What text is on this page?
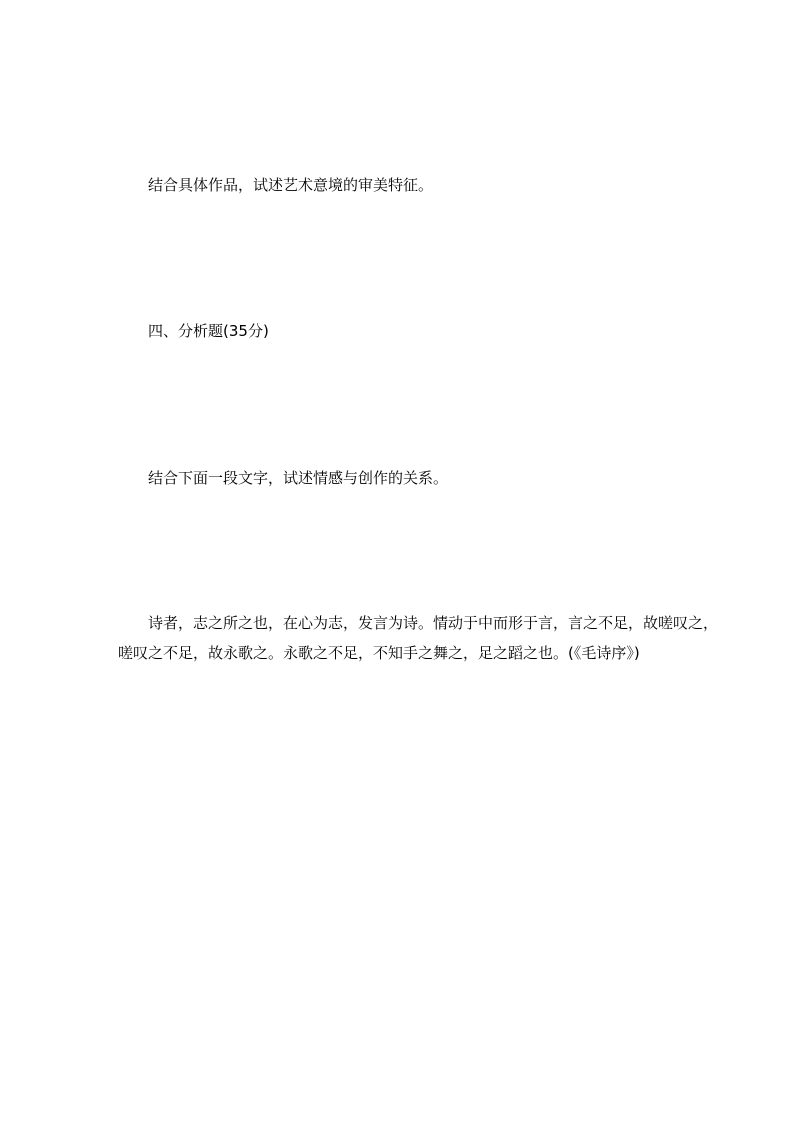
结合具体作品，试述艺术意境的审美特征。
四、分析题(35分)
结合下面一段文字，试述情感与创作的关系。
诗者，志之所之也，在心为志，发言为诗。情动于中而形于言，言之不足，故嗟叹之，
嗟叹之不足，故永歌之。永歌之不足，不知手之舞之，足之蹈之也。(《毛诗序》)
